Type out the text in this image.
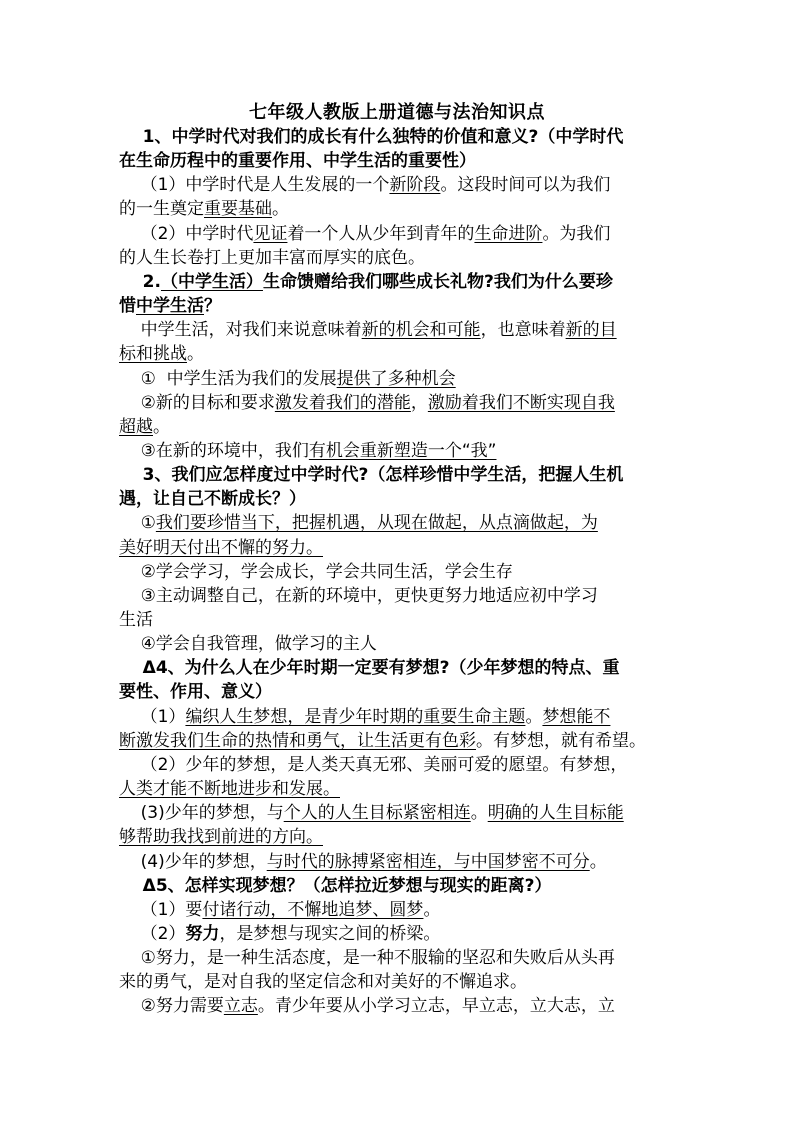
七年级人教版上册道德与法治知识点
1、中学时代对我们的成长有什么独特的价值和意义?（中学时代
在生命历程中的重要作用、中学生活的重要性）
（1）中学时代是人生发展的一个新阶段。这段时间可以为我们
的一生奠定重要基础。
（2）中学时代见证着一个人从少年到青年的生命进阶。为我们
的人生长卷打上更加丰富而厚实的底色。
2.（中学生活）生命馈赠给我们哪些成长礼物?我们为什么要珍
惜中学生活？
中学生活，对我们来说意味着新的机会和可能，也意味着新的目
标和挑战。
①  中学生活为我们的发展提供了多种机会
②新的目标和要求激发着我们的潜能，激励着我们不断实现自我
超越。
③在新的环境中，我们有机会重新塑造一个“我”
3、我们应怎样度过中学时代?（怎样珍惜中学生活，把握人生机
遇，让自己不断成长？）
①我们要珍惜当下，把握机遇，从现在做起，从点滴做起，为
美好明天付出不懈的努力。
②学会学习，学会成长，学会共同生活，学会生存
③主动调整自己，在新的环境中，更快更努力地适应初中学习
生活
④学会自我管理，做学习的主人
Δ4、为什么人在少年时期一定要有梦想?（少年梦想的特点、重
要性、作用、意义）
（1）编织人生梦想，是青少年时期的重要生命主题。梦想能不
断激发我们生命的热情和勇气，让生活更有色彩。有梦想，就有希望。
（2）少年的梦想，是人类天真无邪、美丽可爱的愿望。有梦想，
人类才能不断地进步和发展。
(3)少年的梦想，与个人的人生目标紧密相连。明确的人生目标能
够帮助我找到前进的方向。
(4)少年的梦想，与时代的脉搏紧密相连，与中国梦密不可分。
Δ5、怎样实现梦想？（怎样拉近梦想与现实的距离?）
（1）要付诸行动，不懈地追梦、圆梦。
（2）努力，是梦想与现实之间的桥梁。
①努力，是一种生活态度，是一种不服输的坚忍和失败后从头再
来的勇气，是对自我的坚定信念和对美好的不懈追求。
②努力需要立志。青少年要从小学习立志，早立志，立大志，立
